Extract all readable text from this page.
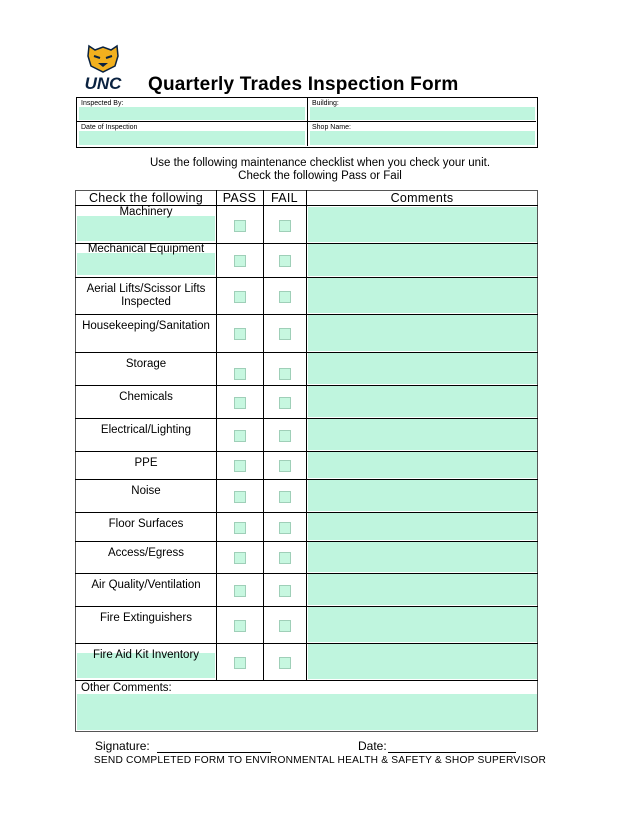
UNC Quarterly Trades Inspection Form
Inspected By:	Building:
Date of Inspection	Shop Name:
Use the following maintenance checklist when you check your unit.
Check the following Pass or Fail
Check the following	PASS	FAIL	Comments
Machinery
Mechanical Equipment
Aerial Lifts/Scissor Lifts Inspected
Housekeeping/Sanitation
Storage
Chemicals
Electrical/Lighting
PPE
Noise
Floor Surfaces
Access/Egress
Air Quality/Ventilation
Fire Extinguishers
Fire Aid Kit Inventory
Other Comments:
Signature:	Date:
SEND COMPLETED FORM TO ENVIRONMENTAL HEALTH & SAFETY & SHOP SUPERVISOR
